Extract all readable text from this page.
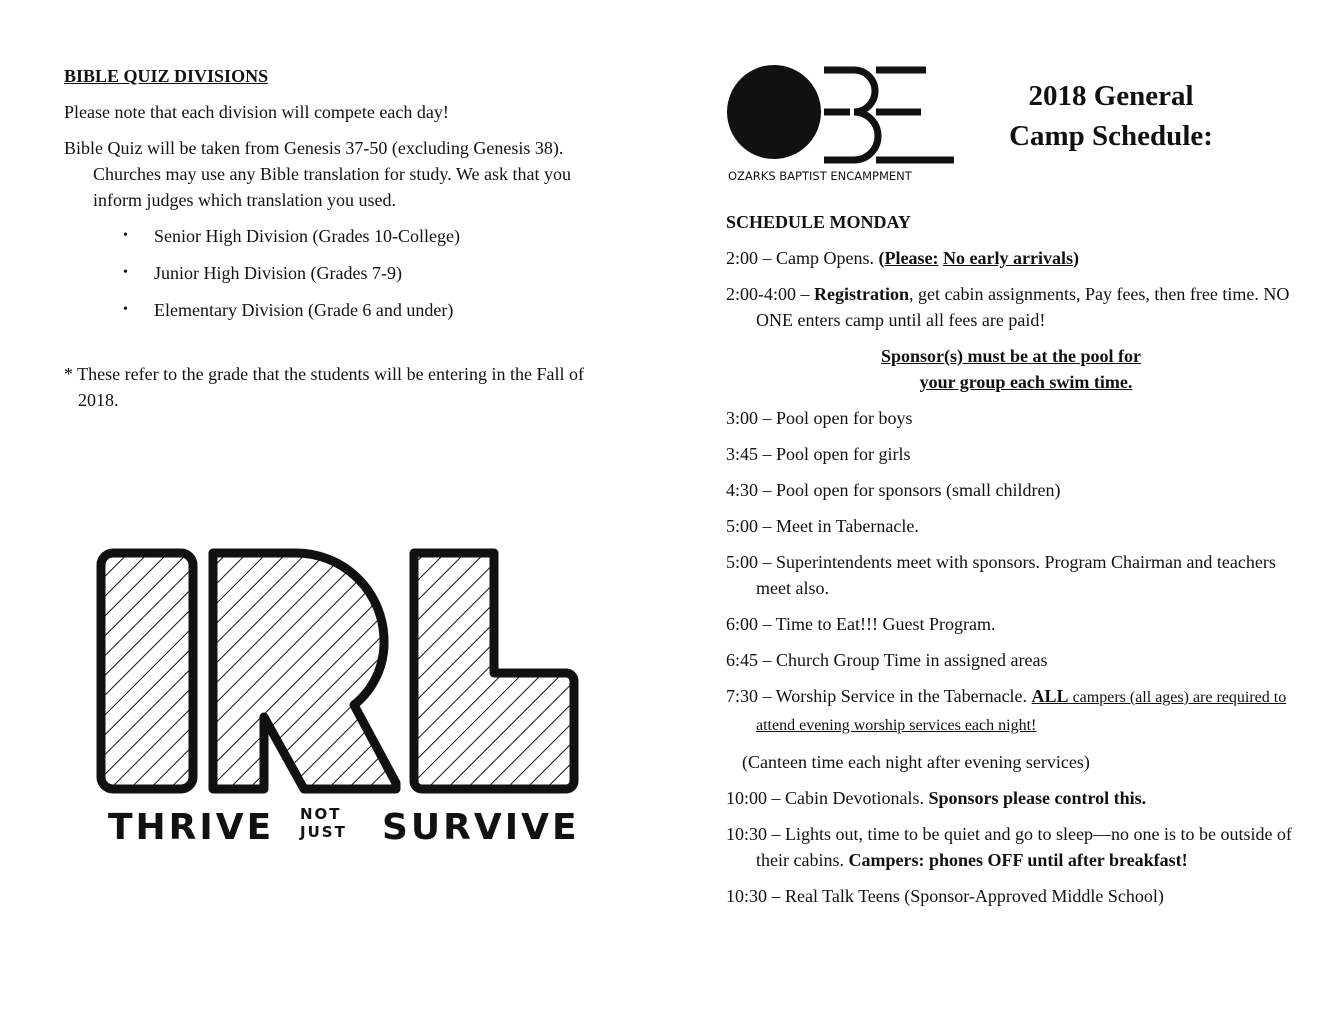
BIBLE QUIZ DIVISIONS
Please note that each division will compete each day!
Bible Quiz will be taken from Genesis 37-50 (excluding Genesis 38). Churches may use any Bible translation for study. We ask that you inform judges which translation you used.
• Senior High Division (Grades 10-College)
• Junior High Division (Grades 7-9)
• Elementary Division (Grade 6 and under)
* These refer to the grade that the students will be entering in the Fall of 2018.
THRIVE NOT
JUST SURVIVE
OZARKS BAPTIST ENCAMPMENT
2018 General
Camp Schedule:
SCHEDULE MONDAY
2:00 – Camp Opens. (Please: No early arrivals)
2:00-4:00 – Registration, get cabin assignments, Pay fees, then free time. NO ONE enters camp until all fees are paid!
Sponsor(s) must be at the pool for
your group each swim time.
3:00 – Pool open for boys
3:45 – Pool open for girls
4:30 – Pool open for sponsors (small children)
5:00 – Meet in Tabernacle.
5:00 – Superintendents meet with sponsors. Program Chairman and teachers meet also.
6:00 – Time to Eat!!! Guest Program.
6:45 – Church Group Time in assigned areas
7:30 – Worship Service in the Tabernacle. ALL campers (all ages) are required to attend evening worship services each night!
(Canteen time each night after evening services)
10:00 – Cabin Devotionals. Sponsors please control this.
10:30 – Lights out, time to be quiet and go to sleep—no one is to be outside of their cabins. Campers: phones OFF until after breakfast!
10:30 – Real Talk Teens (Sponsor-Approved Middle School)
